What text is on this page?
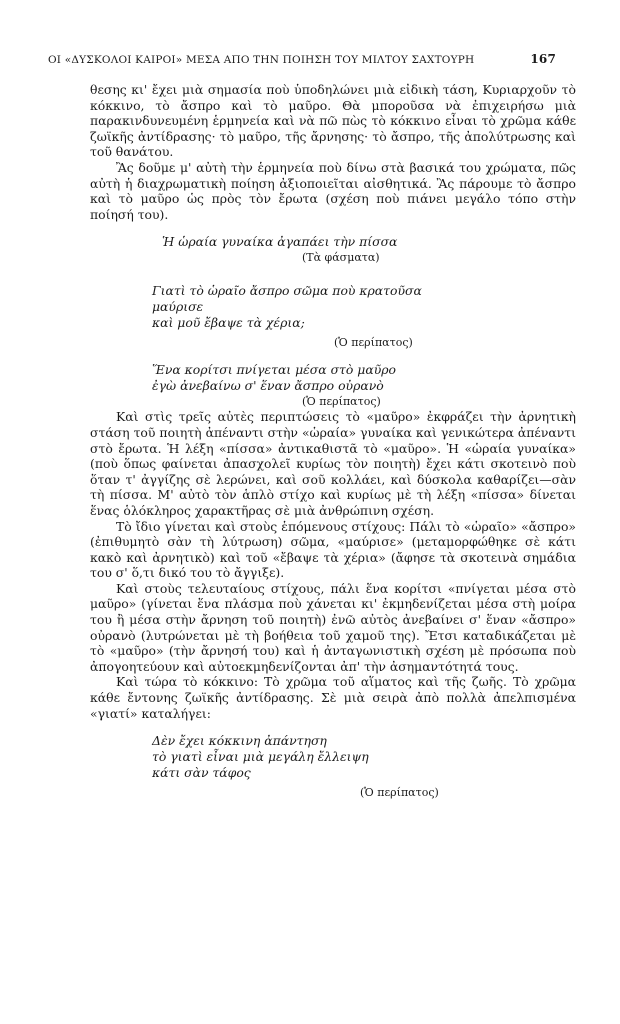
ΟΙ «ΔΥΣΚΟΛΟΙ ΚΑΙΡΟΙ» ΜΕΣΑ ΑΠΟ ΤΗΝ ΠΟΙΗΣΗ ΤΟΥ ΜΙΛΤΟΥ ΣΑΧΤΟΥΡΗ	167

θεσης κι' ἔχει μιὰ σημασία ποὺ ὑποδηλώνει μιὰ εἰδικὴ τάση, Κυριαρχοῦν τὸ κόκκινο, τὸ ἄσπρο καὶ τὸ μαῦρο. Θὰ μποροῦσα νὰ ἐπιχειρήσω μιὰ παρακινδυνευμένη ἑρμηνεία καὶ νὰ πῶ πὼς τὸ κόκκινο εἶναι τὸ χρῶμα κάθε ζωϊκῆς ἀντίδρασης· τὸ μαῦρο, τῆς ἄρνησης· τὸ ἄσπρο, τῆς ἀπολύτρωσης καὶ τοῦ θανάτου.

Ἂς δοῦμε μ' αὐτὴ τὴν ἑρμηνεία ποὺ δίνω στὰ βασικά του χρώματα, πῶς αὐτὴ ἡ διαχρωματικὴ ποίηση ἀξιοποιεῖται αἰσθητικά. Ἂς πάρουμε τὸ ἄσπρο καὶ τὸ μαῦρο ὡς πρὸς τὸν ἔρωτα (σχέση ποὺ πιάνει μεγάλο τόπο στὴν ποίησή του).

Ἡ ὡραία γυναίκα ἀγαπάει τὴν πίσσα
(Τὰ φάσματα)
Γιατὶ τὸ ὡραῖο ἄσπρο σῶμα ποὺ κρατοῦσα
μαύρισε
καὶ μοῦ ἔβαψε τὰ χέρια;
(Ὁ περίπατος)
Ἕνα κορίτσι πνίγεται μέσα στὸ μαῦρο
ἐγὼ ἀνεβαίνω σ' ἕναν ἄσπρο οὐρανὸ
(Ὁ περίπατος)

Καὶ στὶς τρεῖς αὐτὲς περιπτώσεις τὸ «μαῦρο» ἐκφράζει τὴν ἀρνητικὴ στάση τοῦ ποιητὴ ἀπέναντι στὴν «ὡραία» γυναίκα καὶ γενικώτερα ἀπέναντι στὸ ἔρωτα. Ἡ λέξη «πίσσα» ἀντικαθιστᾶ τὸ «μαῦρο». Ἡ «ὡραία γυναίκα» (ποὺ ὅπως φαίνεται ἀπασχολεῖ κυρίως τὸν ποιητὴ) ἔχει κάτι σκοτεινὸ ποὺ ὅταν τ' ἀγγίζης σὲ λερώνει, καὶ σοῦ κολλάει, καὶ δύσκολα καθαρίζει—σὰν τὴ πίσσα. Μ' αὐτὸ τὸν ἁπλὸ στίχο καὶ κυρίως μὲ τὴ λέξη «πίσσα» δίνεται ἕνας ὁλόκληρος χαρακτῆρας σὲ μιὰ ἀνθρώπινη σχέση.

Τὸ ἴδιο γίνεται καὶ στοὺς ἑπόμενους στίχους: Πάλι τὸ «ὡραῖο» «ἄσπρο» (ἐπιθυμητὸ σὰν τὴ λύτρωση) σῶμα, «μαύρισε» (μεταμορφώθηκε σὲ κάτι κακὸ καὶ ἀρνητικὸ) καὶ τοῦ «ἔβαψε τὰ χέρια» (ἄφησε τὰ σκοτεινὰ σημάδια του σ' ὅ,τι δικό του τὸ ἄγγιξε).

Καὶ στοὺς τελευταίους στίχους, πάλι ἕνα κορίτσι «πνίγεται μέσα στὸ μαῦρο» (γίνεται ἕνα πλάσμα ποὺ χάνεται κι' ἐκμηδενίζεται μέσα στὴ μοίρα του ἢ μέσα στὴν ἄρνηση τοῦ ποιητὴ) ἐνῶ αὐτὸς ἀνεβαίνει σ' ἕναν «ἄσπρο» οὐρανὸ (λυτρώνεται μὲ τὴ βοήθεια τοῦ χαμοῦ της). Ἔτσι καταδικάζεται μὲ τὸ «μαῦρο» (τὴν ἄρνησή του) καὶ ἡ ἀνταγωνιστικὴ σχέση μὲ πρόσωπα ποὺ ἀπογοητεύουν καὶ αὐτοεκμηδενίζονται ἀπ' τὴν ἀσημαντότητά τους.

Καὶ τώρα τὸ κόκκινο: Τὸ χρῶμα τοῦ αἵματος καὶ τῆς ζωῆς. Τὸ χρῶμα κάθε ἔντονης ζωϊκῆς ἀντίδρασης. Σὲ μιὰ σειρὰ ἀπὸ πολλὰ ἀπελπισμένα «γιατί» καταλήγει:

Δὲν ἔχει κόκκινη ἀπάντηση
τὸ γιατὶ εἶναι μιὰ μεγάλη ἔλλειψη
κάτι σὰν τάφος
(Ὁ περίπατος)
